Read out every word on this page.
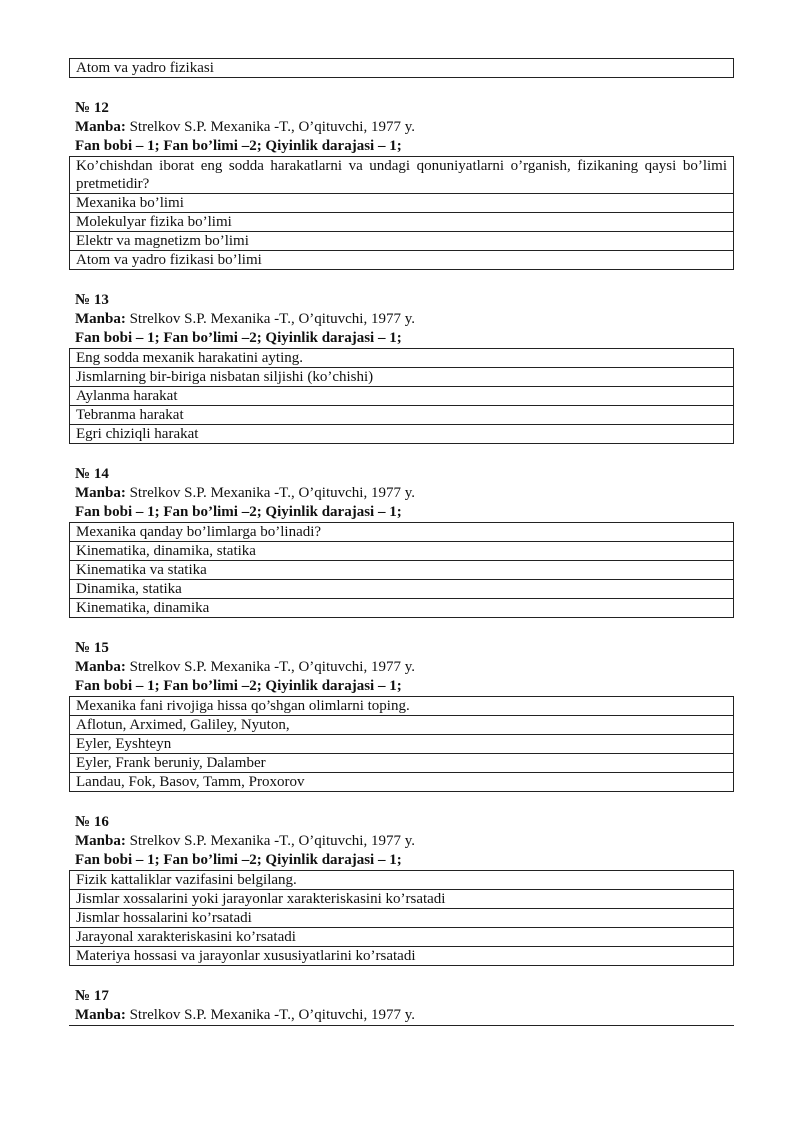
Atom va yadro fizikasi
№ 12
Manba: Strelkov S.P. Mexanika -T., O’qituvchi, 1977 y.
Fan bobi – 1; Fan bo’limi –2; Qiyinlik darajasi – 1;
Ko’chishdan iborat eng sodda harakatlarni va undagi qonuniyatlarni o’rganish, fizikaning qaysi bo’limi pretmetidir?
Mexanika bo’limi
Molekulyar fizika bo’limi
Elektr va magnetizm bo’limi
Atom va yadro fizikasi bo’limi
№ 13
Manba: Strelkov S.P. Mexanika -T., O’qituvchi, 1977 y.
Fan bobi – 1; Fan bo’limi –2; Qiyinlik darajasi – 1;
Eng sodda mexanik harakatini ayting.
Jismlarning bir-biriga nisbatan siljishi (ko’chishi)
Aylanma harakat
Tebranma harakat
Egri chiziqli harakat
№ 14
Manba: Strelkov S.P. Mexanika -T., O’qituvchi, 1977 y.
Fan bobi – 1; Fan bo’limi –2; Qiyinlik darajasi – 1;
Mexanika qanday bo’limlarga bo’linadi?
Kinematika, dinamika, statika
Kinematika va statika
Dinamika, statika
Kinematika, dinamika
№ 15
Manba: Strelkov S.P. Mexanika -T., O’qituvchi, 1977 y.
Fan bobi – 1; Fan bo’limi –2; Qiyinlik darajasi – 1;
Mexanika fani rivojiga hissa qo’shgan olimlarni toping.
Aflotun, Arximed, Galiley, Nyuton,
Eyler, Eyshteyn
Eyler, Frank beruniy, Dalamber
Landau, Fok, Basov, Tamm, Proxorov
№ 16
Manba: Strelkov S.P. Mexanika -T., O’qituvchi, 1977 y.
Fan bobi – 1; Fan bo’limi –2; Qiyinlik darajasi – 1;
Fizik kattaliklar vazifasini belgilang.
Jismlar xossalarini yoki jarayonlar xarakteriskasini ko’rsatadi
Jismlar hossalarini ko’rsatadi
Jarayonal xarakteriskasini ko’rsatadi
Materiya hossasi va jarayonlar xususiyatlarini ko’rsatadi
№ 17
Manba: Strelkov S.P. Mexanika -T., O’qituvchi, 1977 y.
